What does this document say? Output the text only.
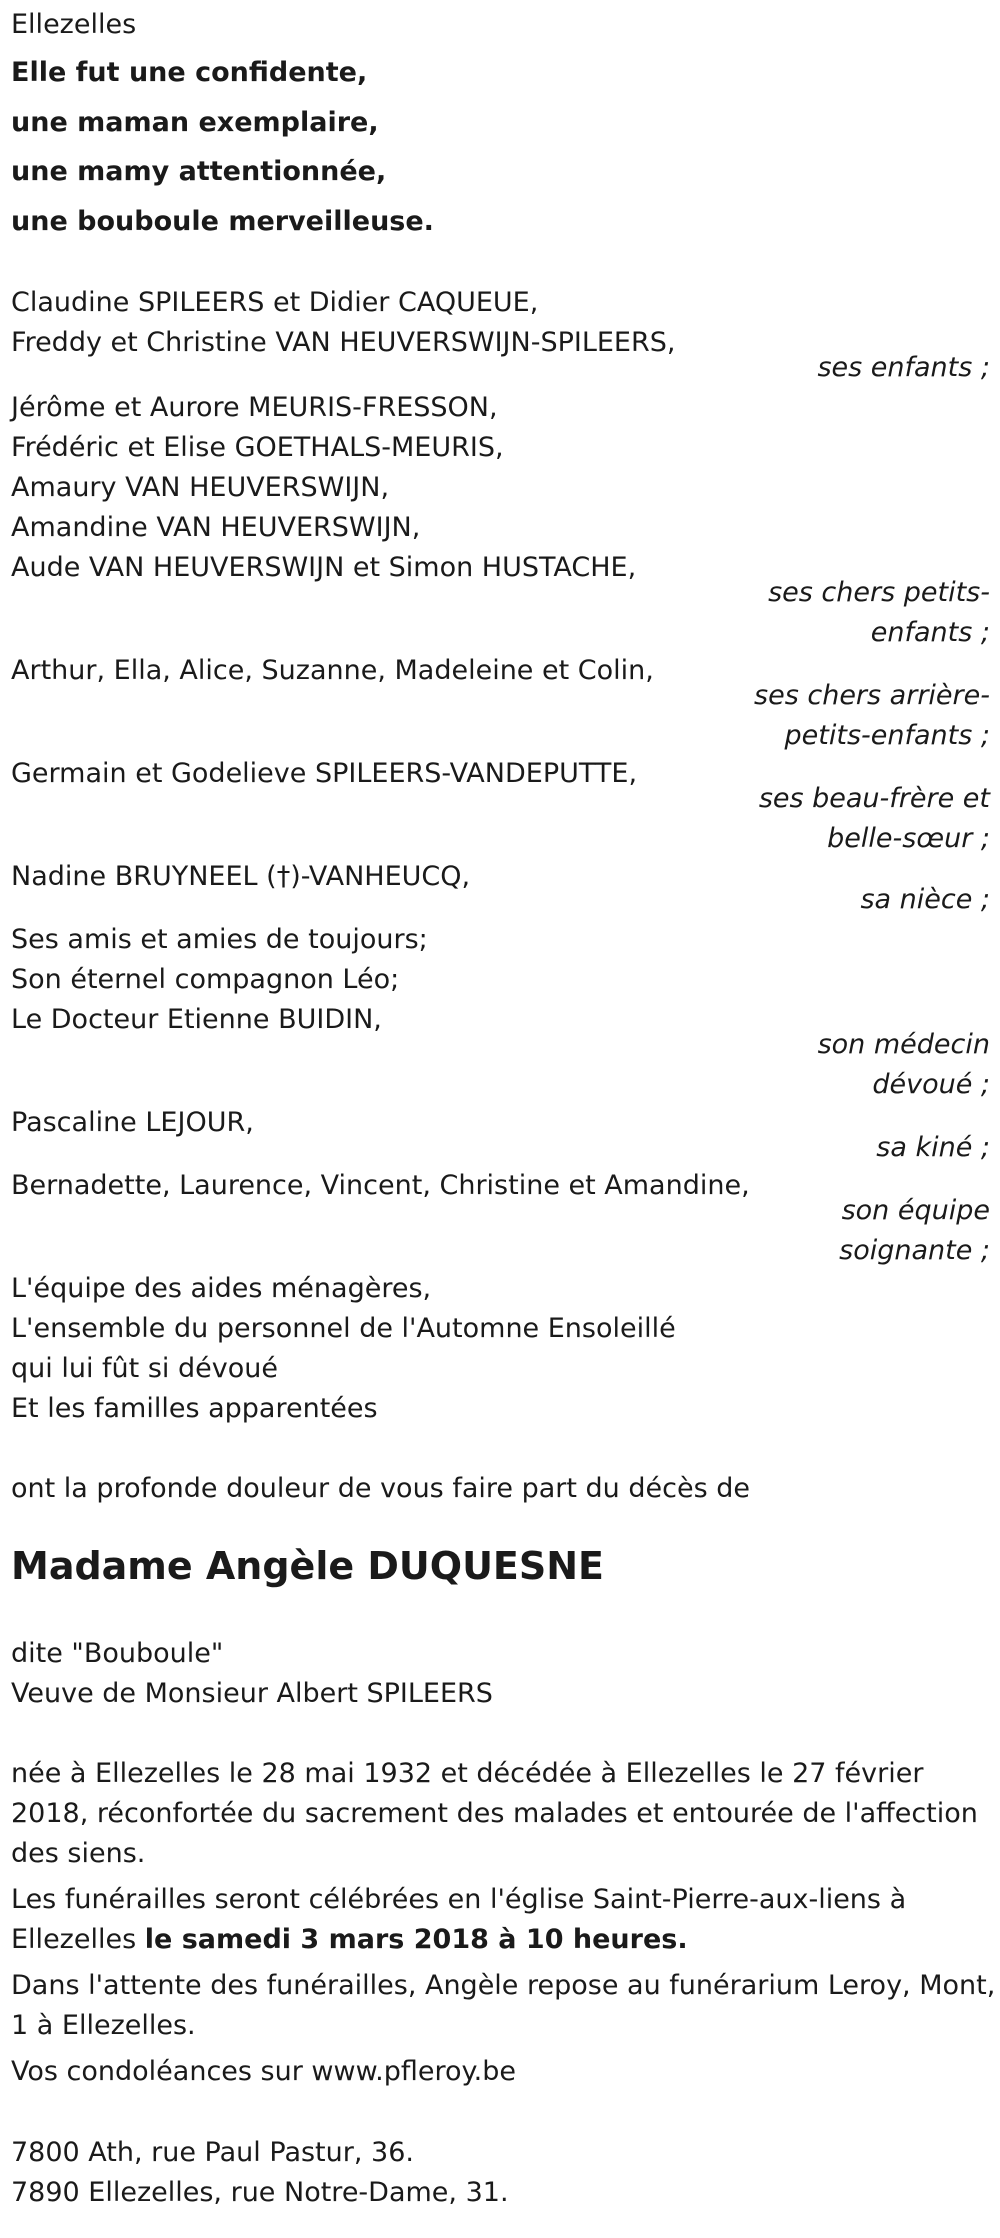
Ellezelles
Elle fut une confidente,
une maman exemplaire,
une mamy attentionnée,
une bouboule merveilleuse.
Claudine SPILEERS et Didier CAQUEUE,
Freddy et Christine VAN HEUVERSWIJN-SPILEERS,
ses enfants ;
Jérôme et Aurore MEURIS-FRESSON,
Frédéric et Elise GOETHALS-MEURIS,
Amaury VAN HEUVERSWIJN,
Amandine VAN HEUVERSWIJN,
Aude VAN HEUVERSWIJN et Simon HUSTACHE,
ses chers petits-
enfants ;
Arthur, Ella, Alice, Suzanne, Madeleine et Colin,
ses chers arrière-
petits-enfants ;
Germain et Godelieve SPILEERS-VANDEPUTTE,
ses beau-frère et
belle-sœur ;
Nadine BRUYNEEL (†)-VANHEUCQ,
sa nièce ;
Ses amis et amies de toujours;
Son éternel compagnon Léo;
Le Docteur Etienne BUIDIN,
son médecin
dévoué ;
Pascaline LEJOUR,
sa kiné ;
Bernadette, Laurence, Vincent, Christine et Amandine,
son équipe
soignante ;
L'équipe des aides ménagères,
L'ensemble du personnel de l'Automne Ensoleillé
qui lui fût si dévoué
Et les familles apparentées
ont la profonde douleur de vous faire part du décès de
Madame Angèle DUQUESNE
dite "Bouboule"
Veuve de Monsieur Albert SPILEERS
née à Ellezelles le 28 mai 1932 et décédée à Ellezelles le 27 février 2018, réconfortée du sacrement des malades et entourée de l'affection des siens.
Les funérailles seront célébrées en l'église Saint-Pierre-aux-liens à Ellezelles le samedi 3 mars 2018 à 10 heures.
Dans l'attente des funérailles, Angèle repose au funérarium Leroy, Mont, 1 à Ellezelles.
Vos condoléances sur www.pfleroy.be
7800 Ath, rue Paul Pastur, 36.
7890 Ellezelles, rue Notre-Dame, 31.
